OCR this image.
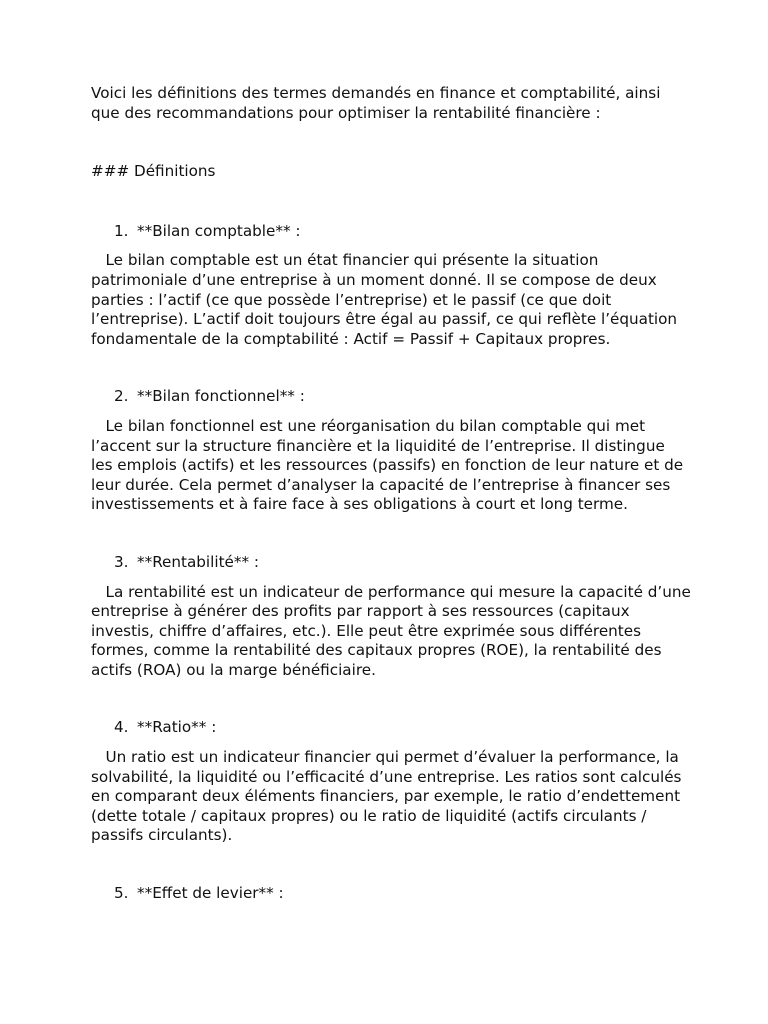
Voici les définitions des termes demandés en finance et comptabilité, ainsi que des recommandations pour optimiser la rentabilité financière :

### Définitions

1. **Bilan comptable** :

Le bilan comptable est un état financier qui présente la situation patrimoniale d’une entreprise à un moment donné. Il se compose de deux parties : l’actif (ce que possède l’entreprise) et le passif (ce que doit l’entreprise). L’actif doit toujours être égal au passif, ce qui reflète l’équation fondamentale de la comptabilité : Actif = Passif + Capitaux propres.

2. **Bilan fonctionnel** :

Le bilan fonctionnel est une réorganisation du bilan comptable qui met l’accent sur la structure financière et la liquidité de l’entreprise. Il distingue les emplois (actifs) et les ressources (passifs) en fonction de leur nature et de leur durée. Cela permet d’analyser la capacité de l’entreprise à financer ses investissements et à faire face à ses obligations à court et long terme.

3. **Rentabilité** :

La rentabilité est un indicateur de performance qui mesure la capacité d’une entreprise à générer des profits par rapport à ses ressources (capitaux investis, chiffre d’affaires, etc.). Elle peut être exprimée sous différentes formes, comme la rentabilité des capitaux propres (ROE), la rentabilité des actifs (ROA) ou la marge bénéficiaire.

4. **Ratio** :

Un ratio est un indicateur financier qui permet d’évaluer la performance, la solvabilité, la liquidité ou l’efficacité d’une entreprise. Les ratios sont calculés en comparant deux éléments financiers, par exemple, le ratio d’endettement (dette totale / capitaux propres) ou le ratio de liquidité (actifs circulants / passifs circulants).

5. **Effet de levier** :
